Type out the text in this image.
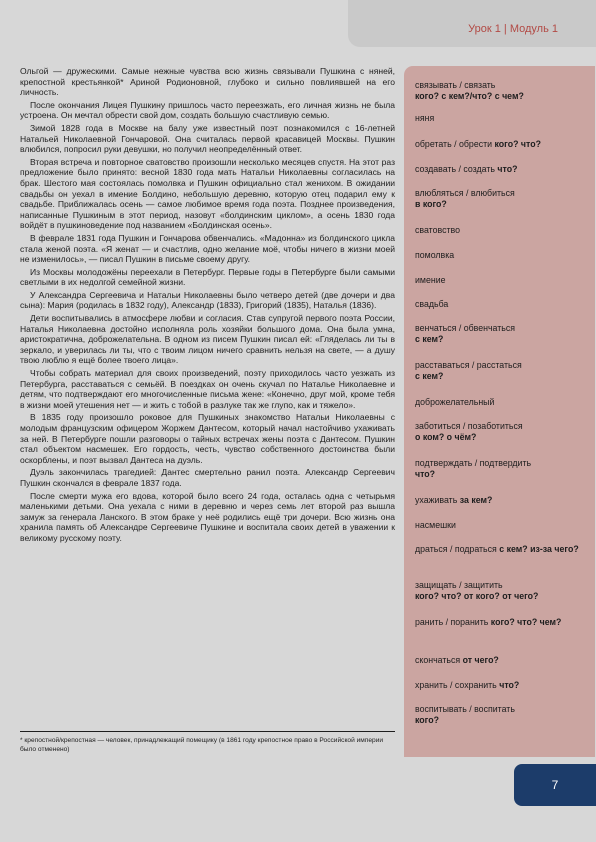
Урок 1 | Модуль 1

Ольгой — дружескими. Самые нежные чувства всю жизнь связывали Пушкина с няней, крепостной крестьянкой* Ариной Родионовной, глубоко и сильно повлиявшей на его личность.

После окончания Лицея Пушкину пришлось часто переезжать, его личная жизнь не была устроена. Он мечтал обрести свой дом, создать большую счастливую семью.

Зимой 1828 года в Москве на балу уже известный поэт познакомился с 16-летней Натальей Николаевной Гончаровой. Она считалась первой красавицей Москвы. Пушкин влюбился, попросил руки девушки, но получил неопределённый ответ.

Вторая встреча и повторное сватовство произошли несколько месяцев спустя. На этот раз предложение было принято: весной 1830 года мать Натальи Николаевны согласилась на брак. Шестого мая состоялась помолвка и Пушкин официально стал женихом. В ожидании свадьбы он уехал в имение Болдино, небольшую деревню, которую отец подарил ему к свадьбе. Приближалась осень — самое любимое время года поэта. Позднее произведения, написанные Пушкиным в этот период, назовут «болдинским циклом», а осень 1830 года войдёт в пушкиноведение под названием «Болдинская осень».

В феврале 1831 года Пушкин и Гончарова обвенчались. «Мадонна» из болдинского цикла стала женой поэта. «Я женат — и счастлив, одно желание моё, чтобы ничего в жизни моей не изменилось», — писал Пушкин в письме своему другу.

Из Москвы молодожёны переехали в Петербург. Первые годы в Петербурге были самыми светлыми в их недолгой семейной жизни.

У Александра Сергеевича и Натальи Николаевны было четверо детей (две дочери и два сына): Мария (родилась в 1832 году), Александр (1833), Григорий (1835), Наталья (1836).

Дети воспитывались в атмосфере любви и согласия. Став супругой первого поэта России, Наталья Николаевна достойно исполняла роль хозяйки большого дома. Она была умна, аристократична, доброжелательна. В одном из писем Пушкин писал ей: «Гляделась ли ты в зеркало, и уверилась ли ты, что с твоим лицом ничего сравнить нельзя на свете, — а душу твою люблю я ещё более твоего лица».

Чтобы собрать материал для своих произведений, поэту приходилось часто уезжать из Петербурга, расставаться с семьёй. В поездках он очень скучал по Наталье Николаевне и детям, что подтверждают его многочисленные письма жене: «Конечно, друг мой, кроме тебя в жизни моей утешения нет — и жить с тобой в разлуке так же глупо, как и тяжело».

В 1835 году произошло роковое для Пушкиных знакомство Натальи Николаевны с молодым французским офицером Жоржем Дантесом, который начал настойчиво ухаживать за ней. В Петербурге пошли разговоры о тайных встречах жены поэта с Дантесом. Пушкин стал объектом насмешек. Его гордость, честь, чувство собственного достоинства были оскорблены, и поэт вызвал Дантеса на дуэль.

Дуэль закончилась трагедией: Дантес смертельно ранил поэта. Александр Сергеевич Пушкин скончался в феврале 1837 года.

После смерти мужа его вдова, которой было всего 24 года, осталась одна с четырьмя маленькими детьми. Она уехала с ними в деревню и через семь лет второй раз вышла замуж за генерала Ланского. В этом браке у неё родились ещё три дочери. Всю жизнь она хранила память об Александре Сергеевиче Пушкине и воспитала своих детей в уважении к великому русскому поэту.

связывать / связать
кого? с кем?/что? с чем?
няня
обретать / обрести кого? что?
создавать / создать что?
влюбляться / влюбиться
в кого?
сватовство
помолвка
имение
свадьба
венчаться / обвенчаться
с кем?
расставаться / расстаться
с кем?
доброжелательный
заботиться / позаботиться
о ком? о чём?
подтверждать / подтвердить
что?
ухаживать за кем?
насмешки
драться / подраться с кем? из-за чего?
защищать / защитить
кого? что? от кого? от чего?
ранить / поранить кого? что? чем?
скончаться от чего?
хранить / сохранить что?
воспитывать / воспитать
кого?
* крепостной/крепостная — человек, принадлежащий помещику (в 1861 году крепостное право в Российской империи было отменено)
7
